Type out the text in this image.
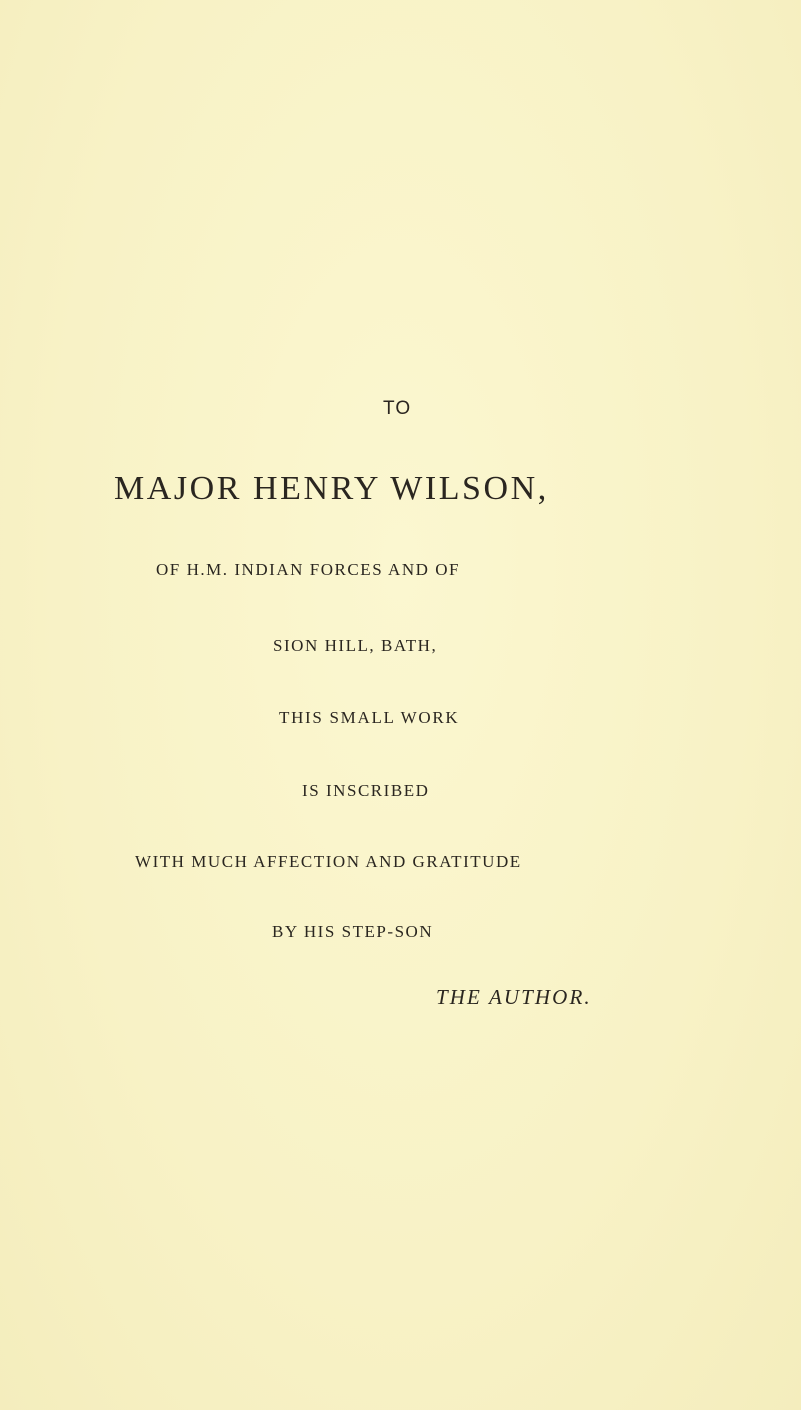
TO
MAJOR HENRY WILSON,
OF H.M. INDIAN FORCES AND OF
SION HILL, BATH,
THIS SMALL WORK
IS INSCRIBED
WITH MUCH AFFECTION AND GRATITUDE
BY HIS STEP-SON
THE AUTHOR.
